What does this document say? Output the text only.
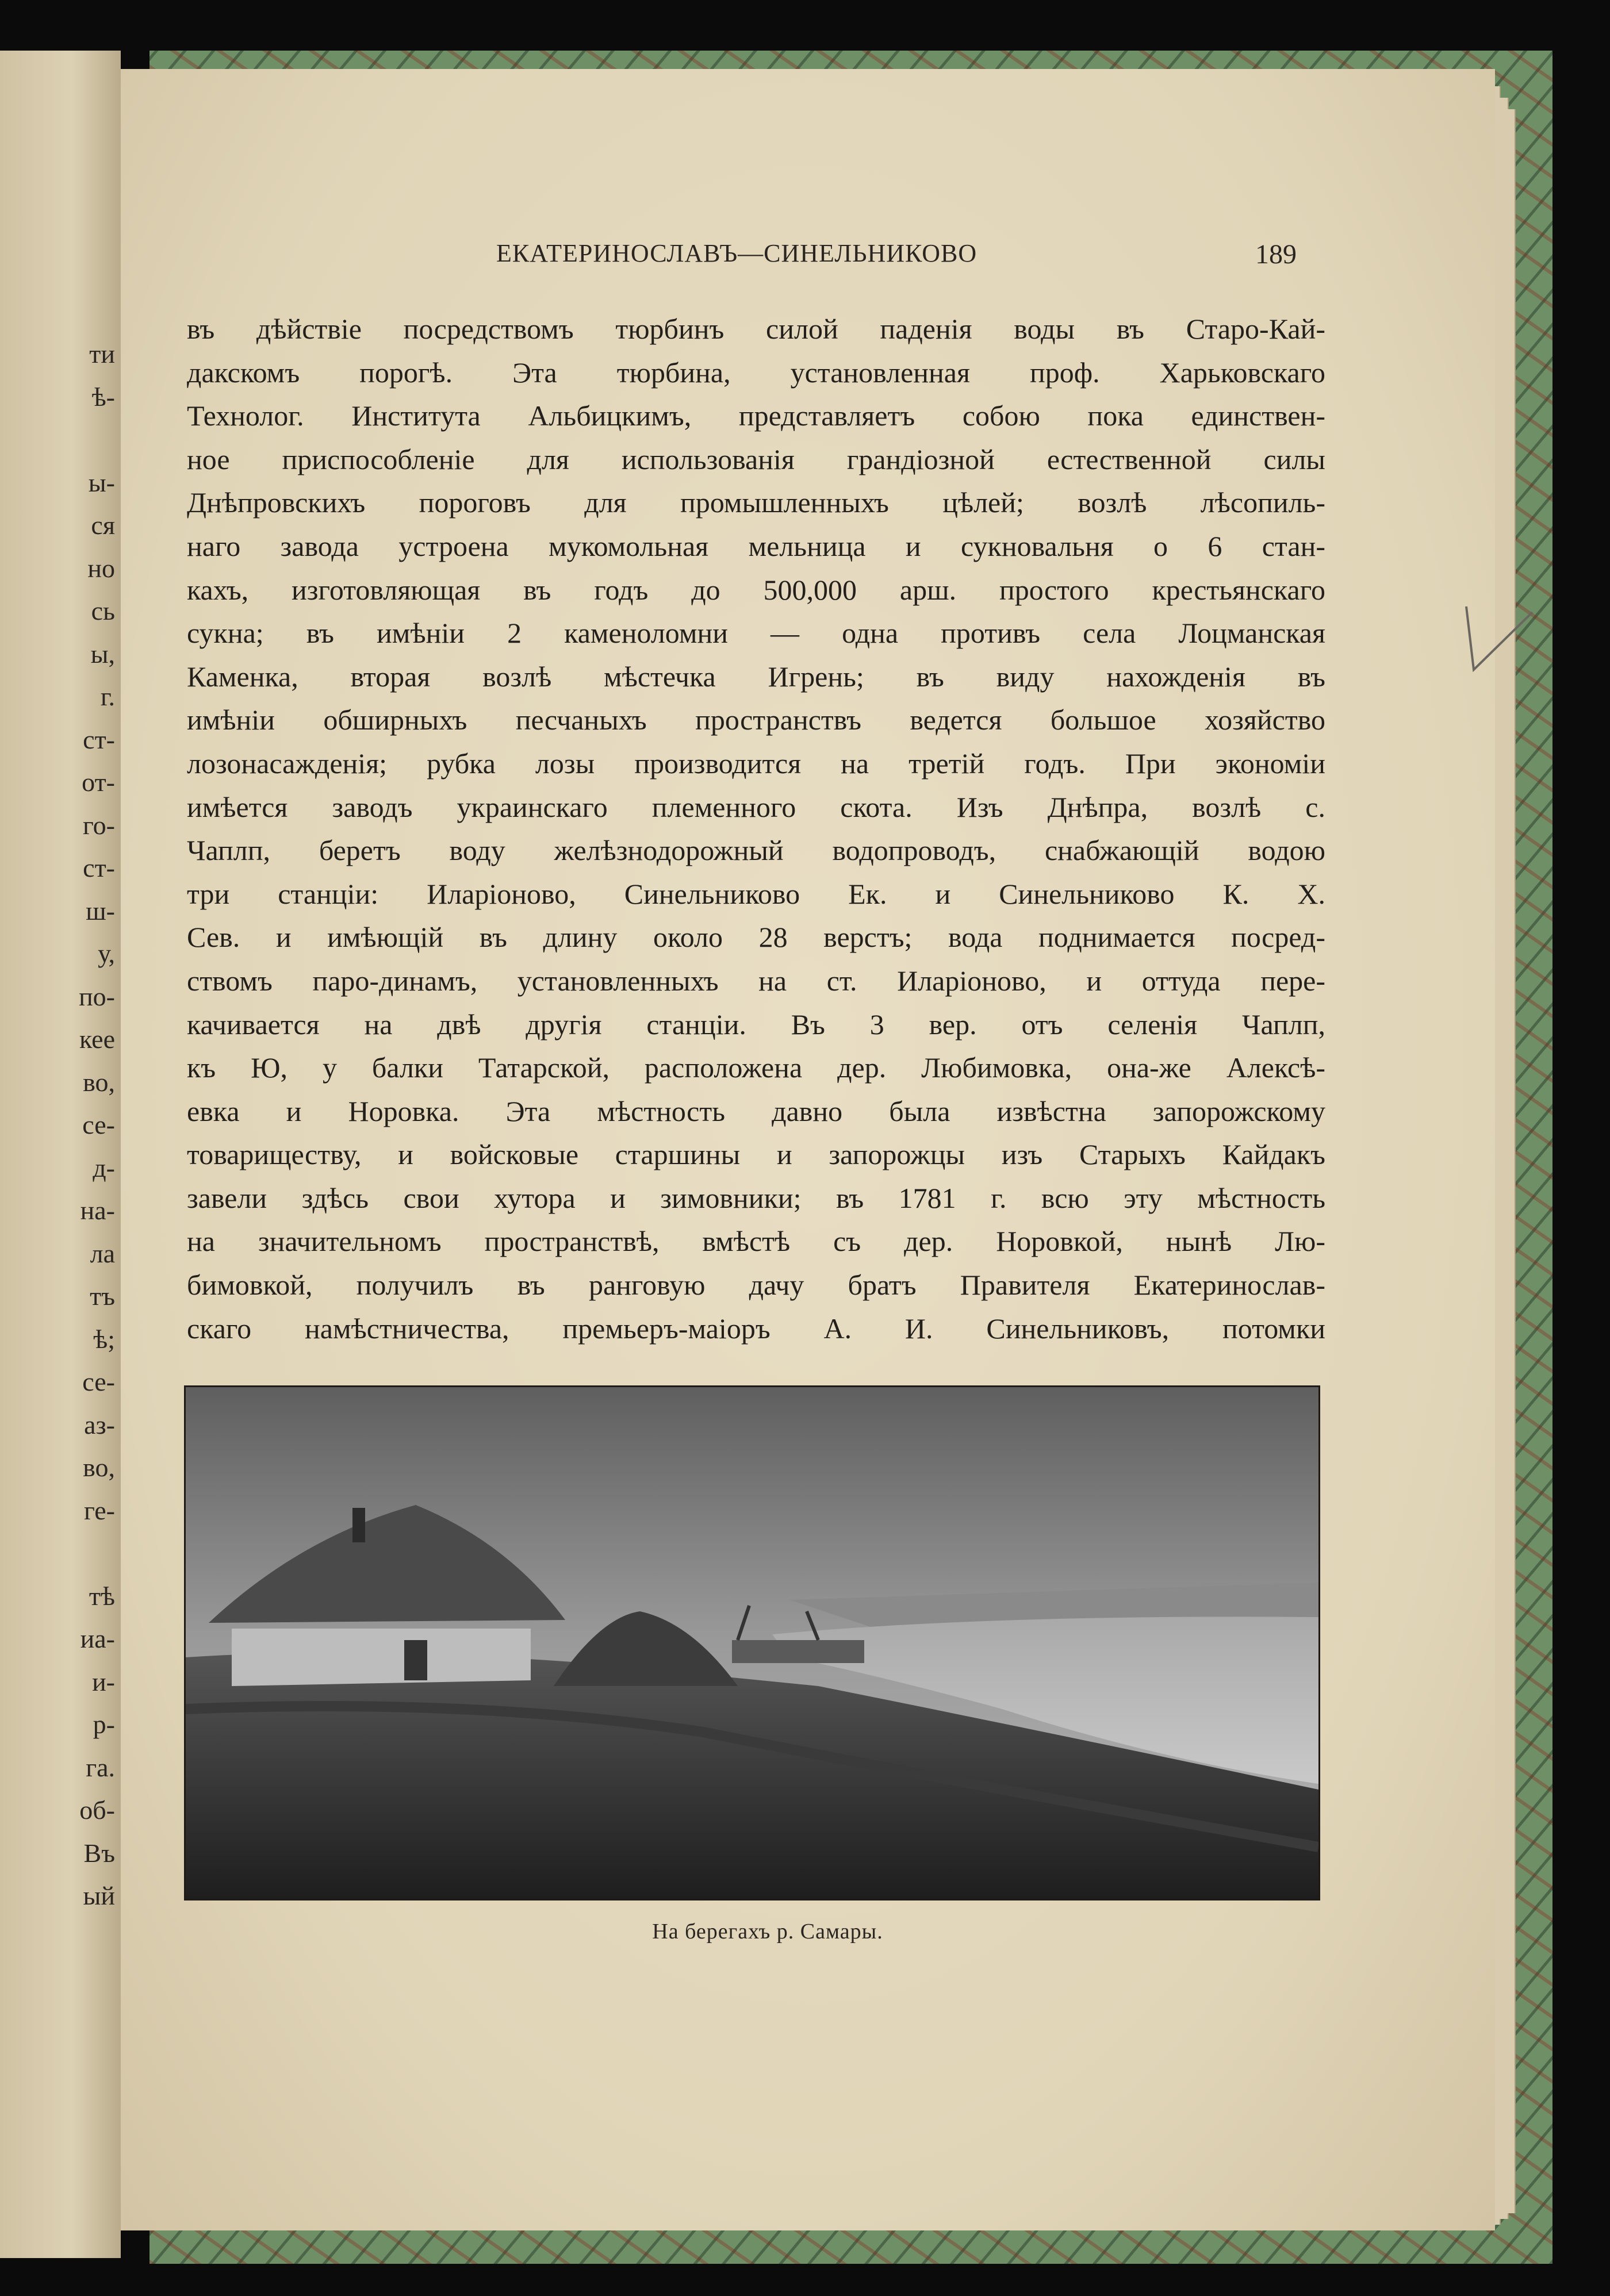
ти
ѣ-
ы-
ся
но
сь
ы,
г.
ст-
от-
го-
ст-
ш-
у,
по-
кее
во,
се-
д-
на-
ла
тъ
ѣ;
се-
аз-
во,
ге-
тѣ
иа-
и-
р-
га.
об-
Въ
ый
ЕКАТЕРИНОСЛАВЪ—СИНЕЛЬНИКОВО	189
въ дѣйствіе посредствомъ тюрбинъ силой паденія воды въ Старо-Кай-
дакскомъ порогѣ. Эта тюрбина, установленная проф. Харьковскаго
Технолог. Института Альбицкимъ, представляетъ собою пока единствен-
ное приспособленіе для использованія грандіозной естественной силы
Днѣпровскихъ пороговъ для промышленныхъ цѣлей; возлѣ лѣсопиль-
наго завода устроена мукомольная мельница и сукновальня о 6 стан-
кахъ, изготовляющая въ годъ до 500,000 арш. простого крестьянскаго
сукна; въ имѣніи 2 каменоломни — одна противъ села Лоцманская
Каменка, вторая возлѣ мѣстечка Игрень; въ виду нахожденія въ
имѣніи обширныхъ песчаныхъ пространствъ ведется большое хозяйство
лозонасажденія; рубка лозы производится на третій годъ. При экономіи
имѣется заводъ украинскаго племенного скота. Изъ Днѣпра, возлѣ с.
Чаплп, беретъ воду желѣзнодорожный водопроводъ, снабжающій водою
три станціи: Иларіоново, Синельниково Ек. и Синельниково К. Х.
Сев. и имѣющій въ длину около 28 верстъ; вода поднимается посред-
ствомъ паро-динамъ, установленныхъ на ст. Иларіоново, и оттуда пере-
качивается на двѣ другія станціи. Въ 3 вер. отъ селенія Чаплп,
къ Ю, у балки Татарской, расположена дер. Любимовка, она-же Алексѣ-
евка и Норовка. Эта мѣстность давно была извѣстна запорожскому
товариществу, и войсковые старшины и запорожцы изъ Старыхъ Кайдакъ
завели здѣсь свои хутора и зимовники; въ 1781 г. всю эту мѣстность
на значительномъ пространствѣ, вмѣстѣ съ дер. Норовкой, нынѣ Лю-
бимовкой, получилъ въ ранговую дачу братъ Правителя Екатеринослав-
скаго намѣстничества, премьеръ-маіоръ А. И. Синельниковъ, потомки
На берегахъ р. Самары.
